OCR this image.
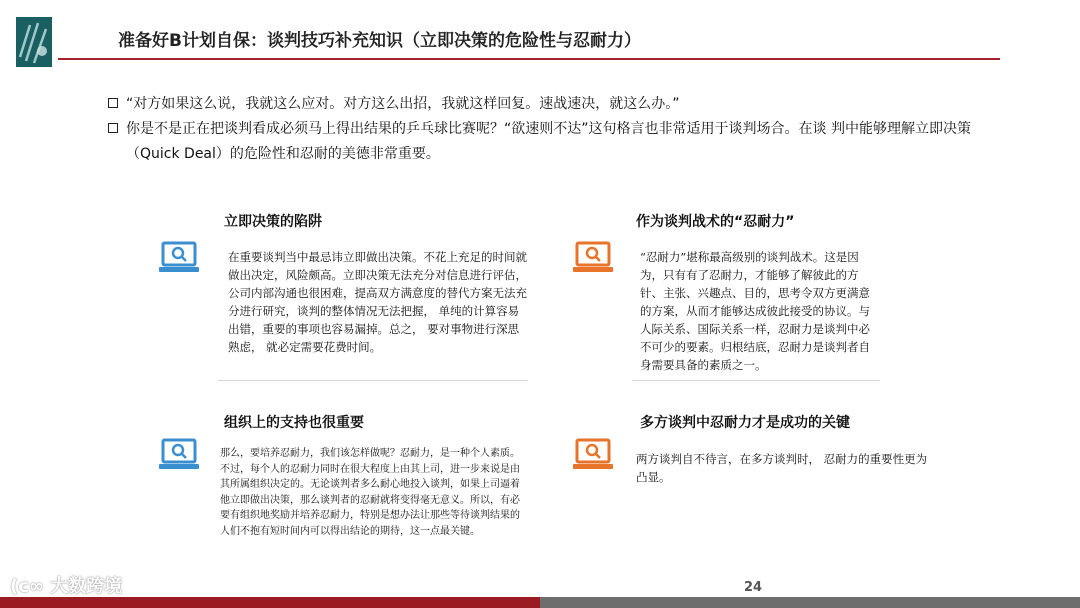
准备好B计划自保：谈判技巧补充知识（立即决策的危险性与忍耐力）
“对方如果这么说，我就这么应对。对方这么出招，我就这样回复。速战速决，就这么办。”
你是不是正在把谈判看成必须马上得出结果的乒乓球比赛呢？“欲速则不达”这句格言也非常适用于谈判场合。在谈 判中能够理解立即决策（Quick Deal）的危险性和忍耐的美德非常重要。
立即决策的陷阱
在重要谈判当中最忌讳立即做出决策。不花上充足的时间就做出决定，风险颇高。立即决策无法充分对信息进行评估，公司内部沟通也很困难，提高双方满意度的替代方案无法充分进行研究，谈判的整体情况无法把握， 单纯的计算容易出错，重要的事项也容易漏掉。总之， 要对事物进行深思熟虑， 就必定需要花费时间。
作为谈判战术的“忍耐力”
“忍耐力”堪称最高级别的谈判战术。这是因为，只有有了忍耐力，才能够了解彼此的方针、主张、兴趣点、目的，思考令双方更满意的方案，从而才能够达成彼此接受的协议。与人际关系、国际关系一样，忍耐力是谈判中必不可少的要素。归根结底，忍耐力是谈判者自身需要具备的素质之一。
组织上的支持也很重要
那么，要培养忍耐力，我们该怎样做呢？忍耐力，是一种个人素质。不过，每个人的忍耐力同时在很大程度上由其上司，进一步来说是由其所属组织决定的。无论谈判者多么耐心地投入谈判，如果上司逼着他立即做出决策，那么谈判者的忍耐就将变得毫无意义。所以，有必要有组织地奖励并培养忍耐力，特别是想办法让那些等待谈判结果的人们不抱有短时间内可以得出结论的期待，这一点最关键。
多方谈判中忍耐力才是成功的关键
两方谈判自不待言，在多方谈判时， 忍耐力的重要性更为凸显。
24
(c∞ 大数跨境
